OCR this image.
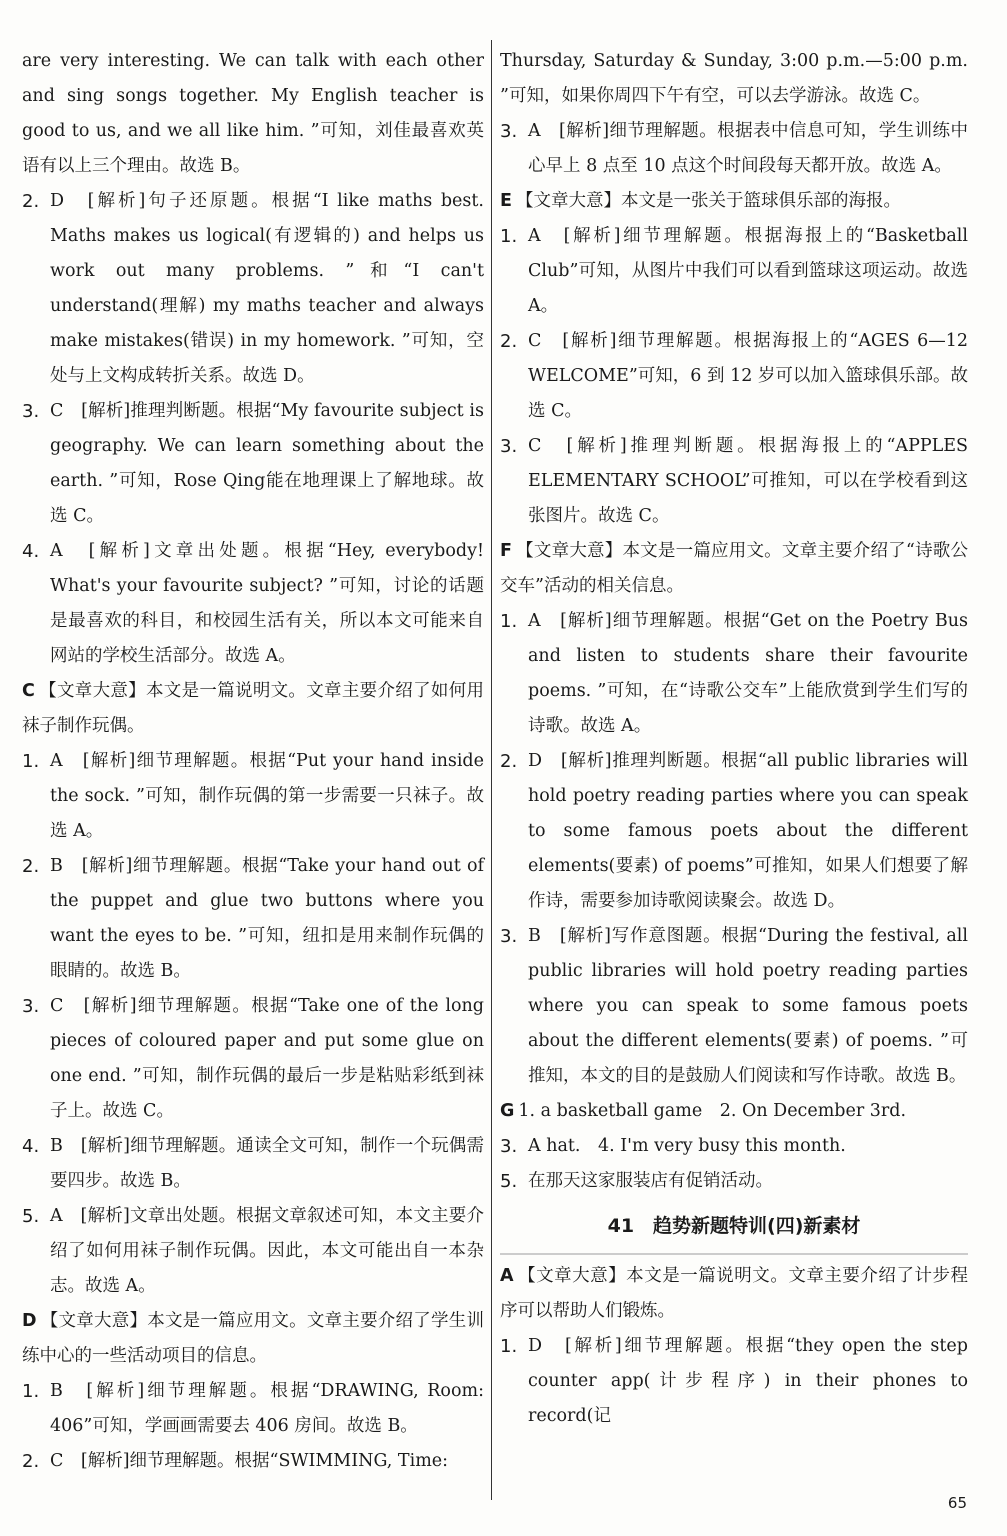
are very interesting. We can talk with each other and sing songs together. My English teacher is good to us, and we all like him. ”可知，刘佳最喜欢英语有以上三个理由。故选 B。

2. D　[解析]句子还原题。根据“I like maths best. Maths makes us logical(有逻辑的) and helps us work out many problems. ”和“I can't understand(理解) my maths teacher and always make mistakes(错误) in my homework. ”可知，空处与上文构成转折关系。故选 D。

3. C　[解析]推理判断题。根据“My favourite subject is geography. We can learn something about the earth. ”可知，Rose Qing能在地理课上了解地球。故选 C。

4. A　[解析]文章出处题。根据“Hey, everybody! What's your favourite subject? ”可知，讨论的话题是最喜欢的科目，和校园生活有关，所以本文可能来自网站的学校生活部分。故选 A。

C 【文章大意】本文是一篇说明文。文章主要介绍了如何用袜子制作玩偶。

1. A　[解析]细节理解题。根据“Put your hand inside the sock. ”可知，制作玩偶的第一步需要一只袜子。故选 A。

2. B　[解析]细节理解题。根据“Take your hand out of the puppet and glue two buttons where you want the eyes to be. ”可知，纽扣是用来制作玩偶的眼睛的。故选 B。

3. C　[解析]细节理解题。根据“Take one of the long pieces of coloured paper and put some glue on one end. ”可知，制作玩偶的最后一步是粘贴彩纸到袜子上。故选 C。

4. B　[解析]细节理解题。通读全文可知，制作一个玩偶需要四步。故选 B。

5. A　[解析]文章出处题。根据文章叙述可知，本文主要介绍了如何用袜子制作玩偶。因此，本文可能出自一本杂志。故选 A。

D 【文章大意】本文是一篇应用文。文章主要介绍了学生训练中心的一些活动项目的信息。

1. B　[解析]细节理解题。根据“DRAWING, Room: 406”可知，学画画需要去 406 房间。故选 B。

2. C　[解析]细节理解题。根据“SWIMMING, Time:

Thursday, Saturday & Sunday, 3:00 p.m.—5:00 p.m. ”可知，如果你周四下午有空，可以去学游泳。故选 C。

3. A　[解析]细节理解题。根据表中信息可知，学生训练中心早上 8 点至 10 点这个时间段每天都开放。故选 A。

E 【文章大意】本文是一张关于篮球俱乐部的海报。

1. A　[解析]细节理解题。根据海报上的“Basketball Club”可知，从图片中我们可以看到篮球这项运动。故选 A。

2. C　[解析]细节理解题。根据海报上的“AGES 6—12 WELCOME”可知，6 到 12 岁可以加入篮球俱乐部。故选 C。

3. C　[解析]推理判断题。根据海报上的“APPLES ELEMENTARY SCHOOL”可推知，可以在学校看到这张图片。故选 C。

F 【文章大意】本文是一篇应用文。文章主要介绍了“诗歌公交车”活动的相关信息。

1. A　[解析]细节理解题。根据“Get on the Poetry Bus and listen to students share their favourite poems. ”可知，在“诗歌公交车”上能欣赏到学生们写的诗歌。故选 A。

2. D　[解析]推理判断题。根据“all public libraries will hold poetry reading parties where you can speak to some famous poets about the different elements(要素) of poems”可推知，如果人们想要了解作诗，需要参加诗歌阅读聚会。故选 D。

3. B　[解析]写作意图题。根据“During the festival, all public libraries will hold poetry reading parties where you can speak to some famous poets about the different elements(要素) of poems. ”可推知，本文的目的是鼓励人们阅读和写作诗歌。故选 B。

G 1. a basketball game　2. On December 3rd.

3. A hat.　4. I'm very busy this month.

5. 在那天这家服装店有促销活动。

41　趋势新题特训(四)新素材

A 【文章大意】本文是一篇说明文。文章主要介绍了计步程序可以帮助人们锻炼。

1. D　[解析]细节理解题。根据“they open the step counter app(计步程序) in their phones to record(记

65
